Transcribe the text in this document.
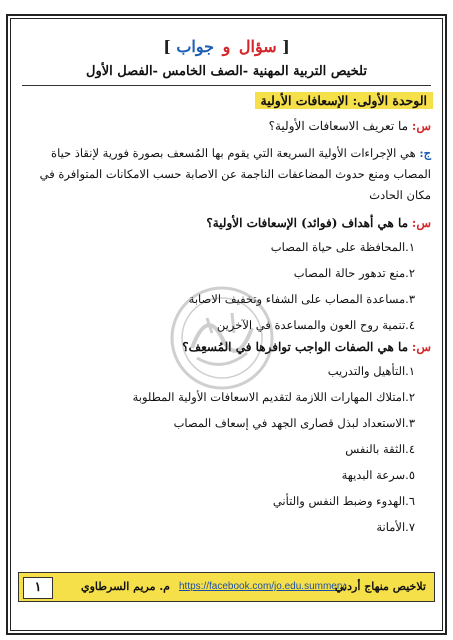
[ سؤال و جواب ]
تلخيص التربية المهنية -الصف الخامس -الفصل الأول
الوحدة الأولى: الإسعافات الأولية
س: ما تعريف الاسعافات الأولية؟
ج: هي الإجراءات الأولية السريعة التي يقوم بها المُسعف بصورة فورية لإنقاذ حياة المصاب ومنع حدوث المضاعفات الناجمة عن الاصابة حسب الامكانات المتوافرة في مكان الحادث
س: ما هي أهداف (فوائد) الإسعافات الأولية؟
١.المحافظة على حياة المصاب
٢.منع تدهور حالة المصاب
٣.مساعدة المصاب على الشفاء وتخفيف الاصابة
٤.تنمية روح العون والمساعدة في الآخرين
س: ما هي الصفات الواجب توافرها في المُسعِف؟
١.التأهيل والتدريب
٢.امتلاك المهارات اللازمة لتقديم الاسعافات الأولية المطلوبة
٣.الاستعداد لبذل قصارى الجهد في إسعاف المصاب
٤.الثقة بالنفس
٥.سرعة البديهة
٦.الهدوء وضبط النفس والتأني
٧.الأمانة
١	م. مريم السرطاوي https://facebook.com/jo.edu.summery
تلاخيص منهاج أردني
